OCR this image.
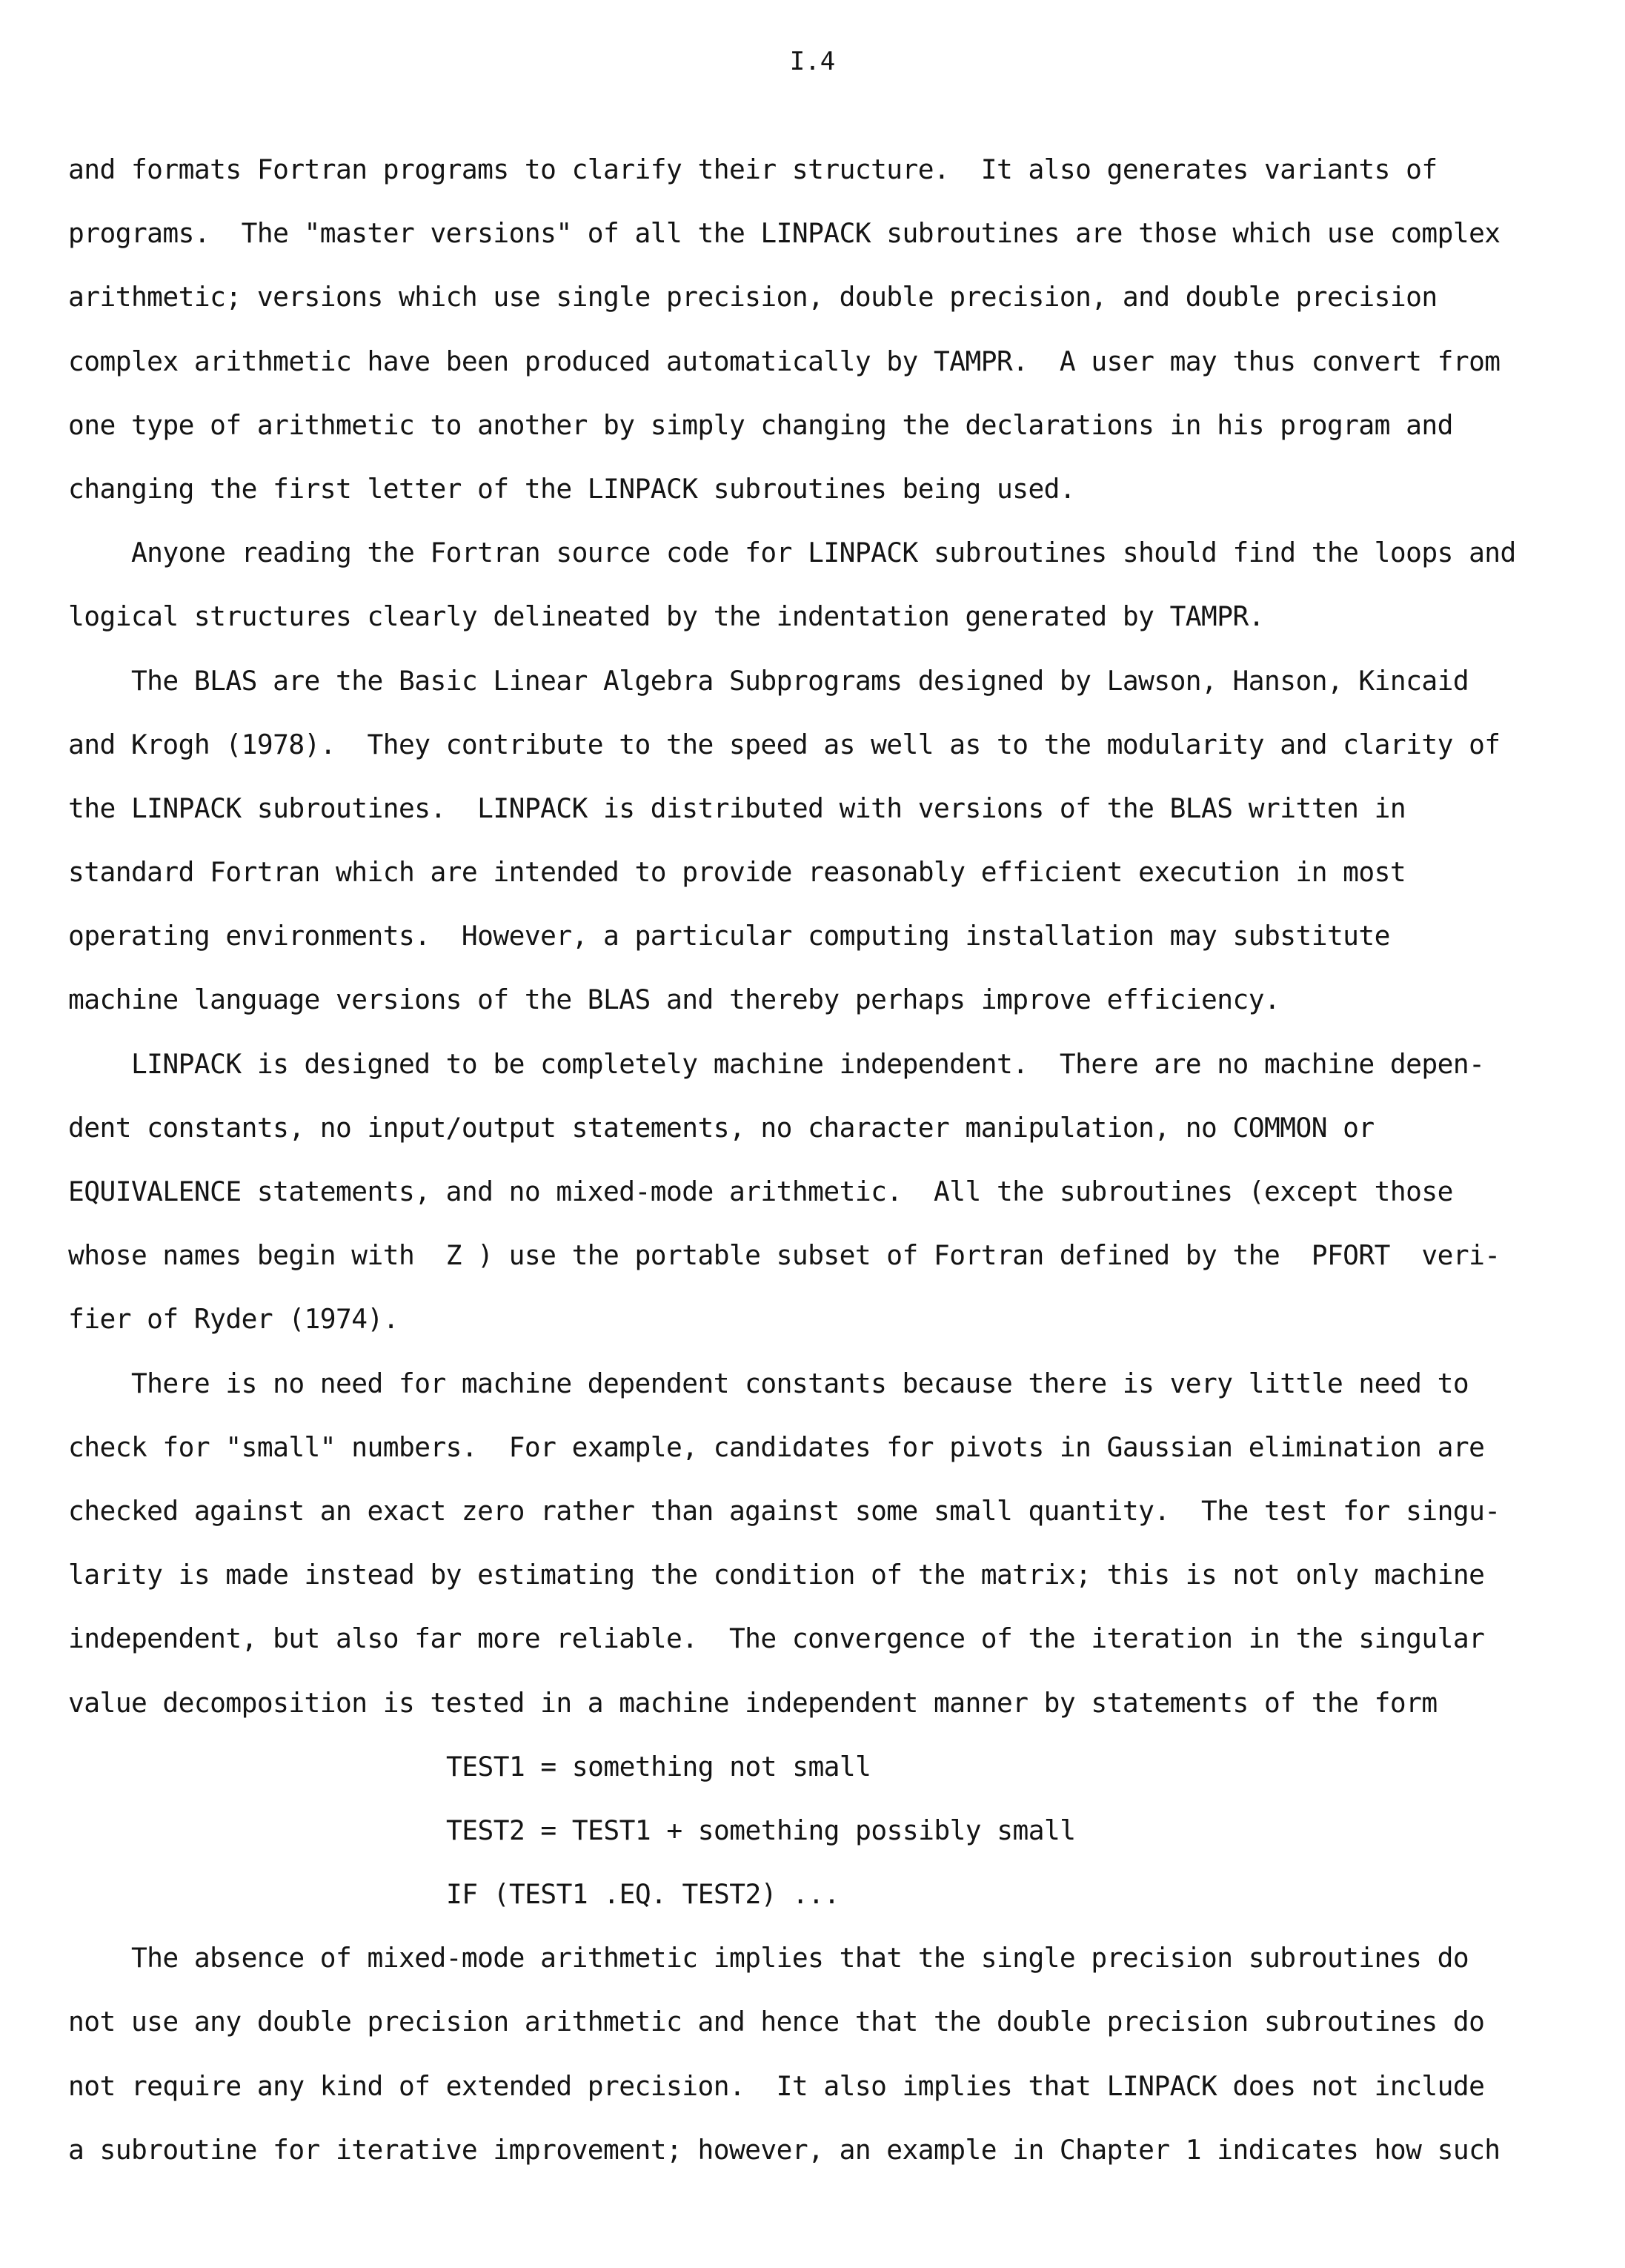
I.4

and formats Fortran programs to clarify their structure.  It also generates variants of
programs.  The "master versions" of all the LINPACK subroutines are those which use complex
arithmetic; versions which use single precision, double precision, and double precision
complex arithmetic have been produced automatically by TAMPR.  A user may thus convert from
one type of arithmetic to another by simply changing the declarations in his program and
changing the first letter of the LINPACK subroutines being used.

Anyone reading the Fortran source code for LINPACK subroutines should find the loops and
logical structures clearly delineated by the indentation generated by TAMPR.

The BLAS are the Basic Linear Algebra Subprograms designed by Lawson, Hanson, Kincaid
and Krogh (1978).  They contribute to the speed as well as to the modularity and clarity of
the LINPACK subroutines.  LINPACK is distributed with versions of the BLAS written in
standard Fortran which are intended to provide reasonably efficient execution in most
operating environments.  However, a particular computing installation may substitute
machine language versions of the BLAS and thereby perhaps improve efficiency.

LINPACK is designed to be completely machine independent.  There are no machine depen-
dent constants, no input/output statements, no character manipulation, no COMMON or
EQUIVALENCE statements, and no mixed-mode arithmetic.  All the subroutines (except those
whose names begin with  Z ) use the portable subset of Fortran defined by the  PFORT  veri-
fier of Ryder (1974).

There is no need for machine dependent constants because there is very little need to
check for "small" numbers.  For example, candidates for pivots in Gaussian elimination are
checked against an exact zero rather than against some small quantity.  The test for singu-
larity is made instead by estimating the condition of the matrix; this is not only machine
independent, but also far more reliable.  The convergence of the iteration in the singular
value decomposition is tested in a machine independent manner by statements of the form

TEST1 = something not small
TEST2 = TEST1 + something possibly small
IF (TEST1 .EQ. TEST2) ...

The absence of mixed-mode arithmetic implies that the single precision subroutines do
not use any double precision arithmetic and hence that the double precision subroutines do
not require any kind of extended precision.  It also implies that LINPACK does not include
a subroutine for iterative improvement; however, an example in Chapter 1 indicates how such
